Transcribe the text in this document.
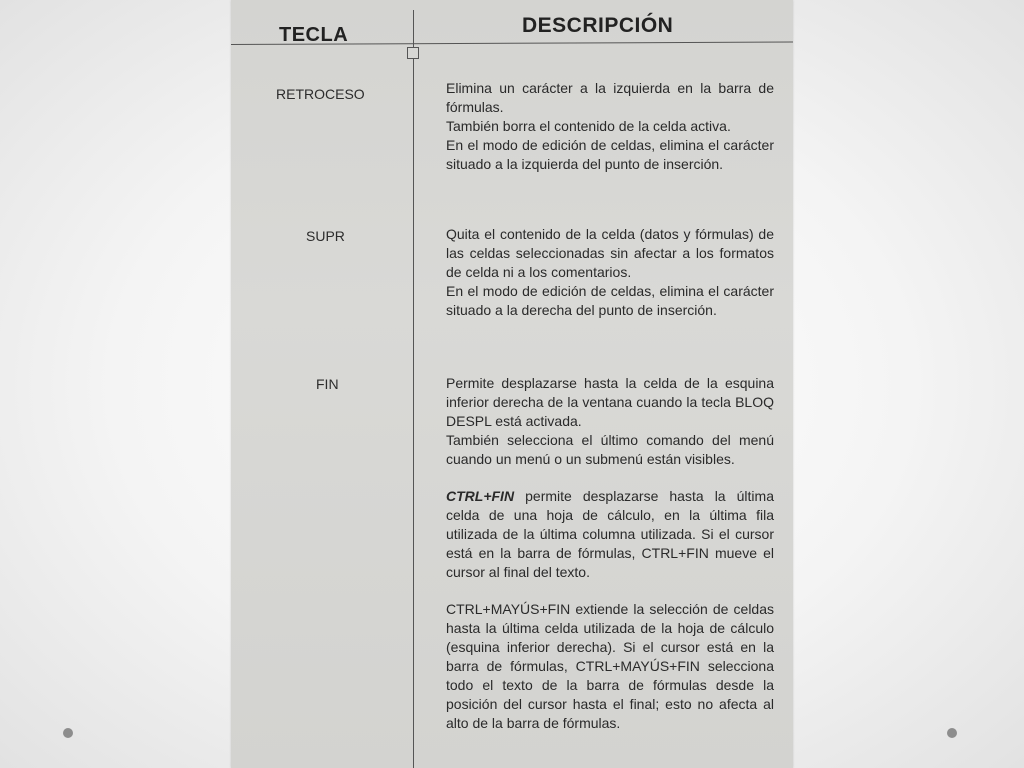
TECLA	DESCRIPCIÓN
RETROCESO	Elimina un carácter a la izquierda en la barra de fórmulas.

También borra el contenido de la celda activa.

En el modo de edición de celdas, elimina el carácter situado a la izquierda del punto de inserción.

SUPR	Quita el contenido de la celda (datos y fórmulas) de las celdas seleccionadas sin afectar a los formatos de celda ni a los comentarios.

En el modo de edición de celdas, elimina el carácter situado a la derecha del punto de inserción.

FIN	Permite desplazarse hasta la celda de la esquina inferior derecha de la ventana cuando la tecla BLOQ DESPL está activada.

También selecciona el último comando del menú cuando un menú o un submenú están visibles.

CTRL+FIN permite desplazarse hasta la última celda de una hoja de cálculo, en la última fila utilizada de la última columna utilizada. Si el cursor está en la barra de fórmulas, CTRL+FIN mueve el cursor al final del texto.

CTRL+MAYÚS+FIN extiende la selección de celdas hasta la última celda utilizada de la hoja de cálculo (esquina inferior derecha). Si el cursor está en la barra de fórmulas, CTRL+MAYÚS+FIN selecciona todo el texto de la barra de fórmulas desde la posición del cursor hasta el final; esto no afecta al alto de la barra de fórmulas.
